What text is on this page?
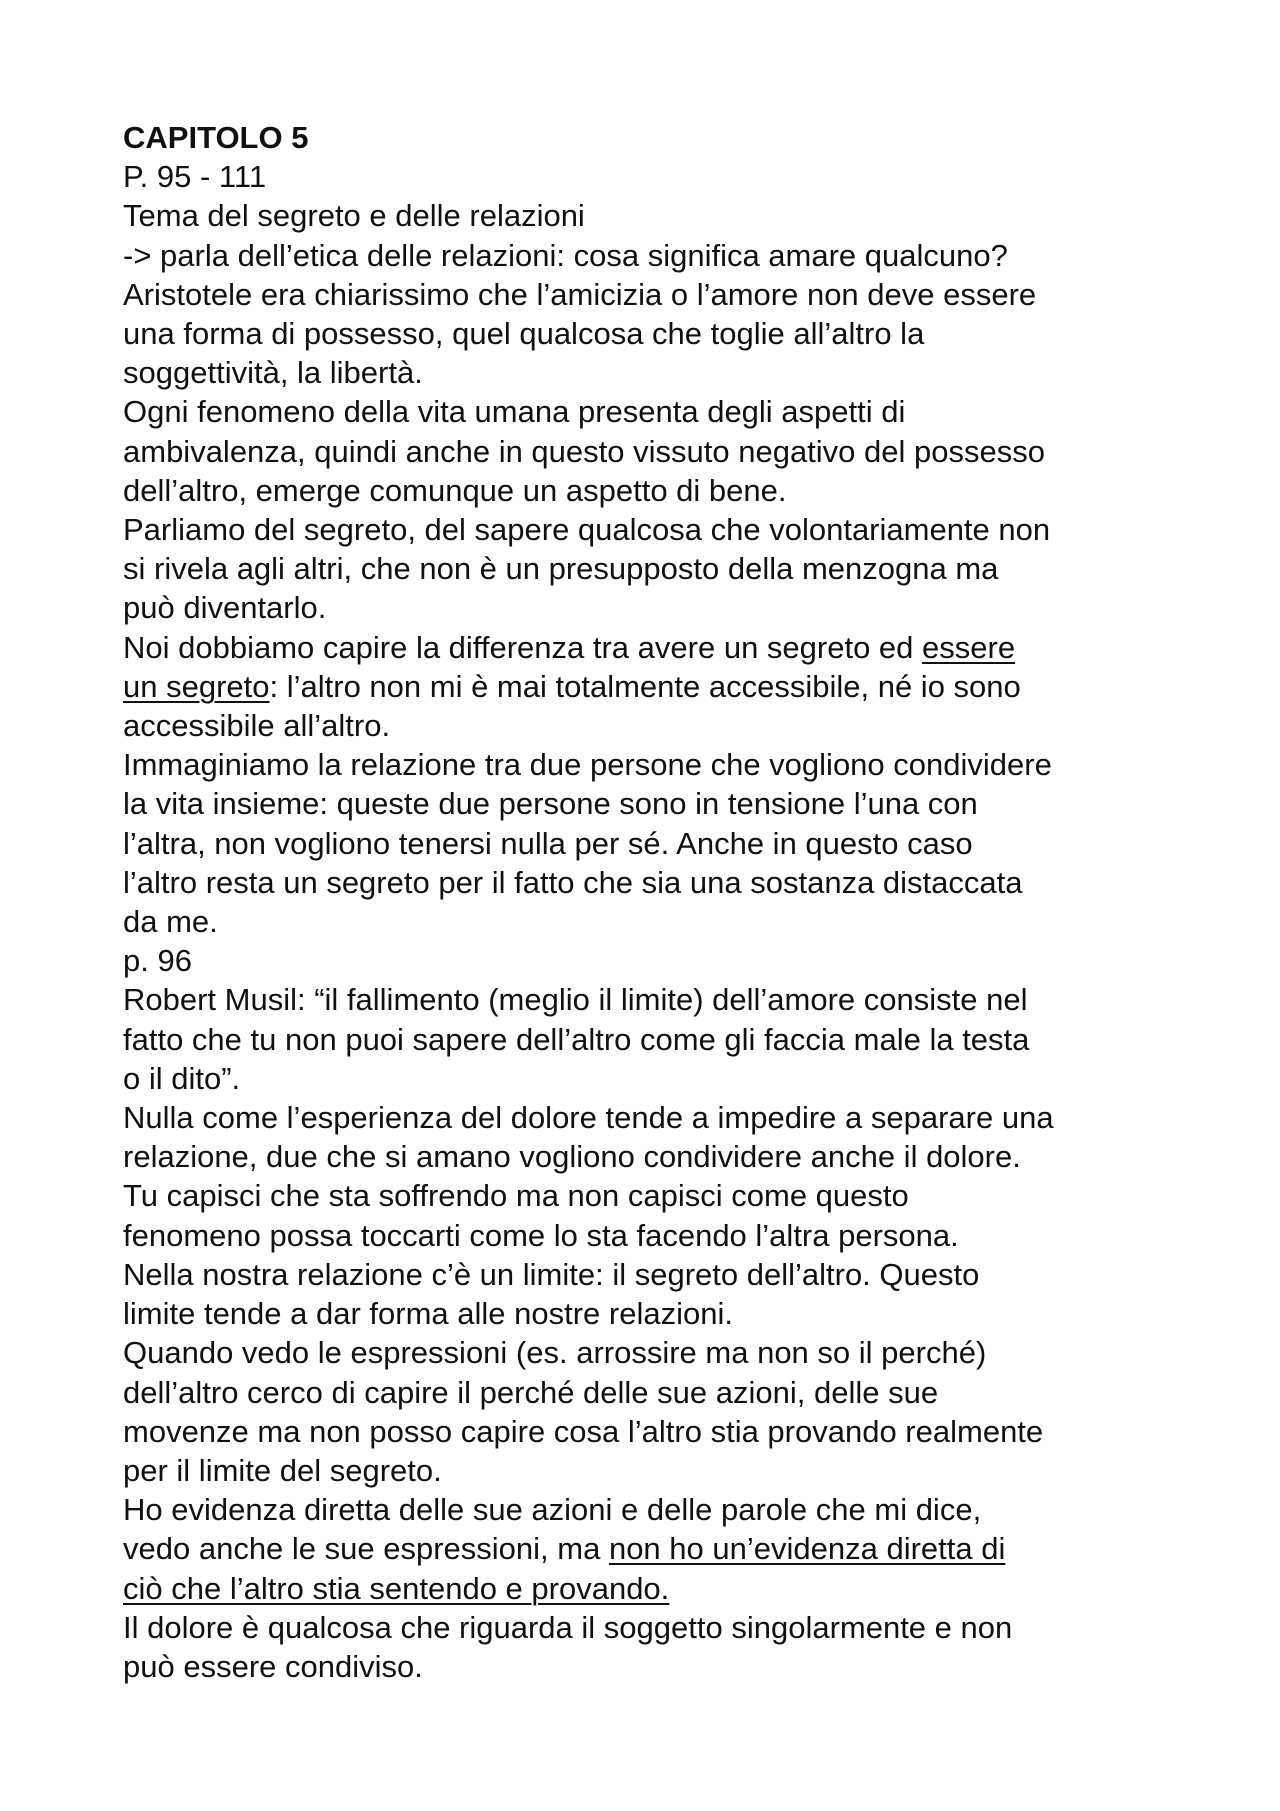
CAPITOLO 5
P. 95 - 111
Tema del segreto e delle relazioni
-> parla dell’etica delle relazioni: cosa significa amare qualcuno?
Aristotele era chiarissimo che l’amicizia o l’amore non deve essere
una forma di possesso, quel qualcosa che toglie all’altro la
soggettività, la libertà.
Ogni fenomeno della vita umana presenta degli aspetti di
ambivalenza, quindi anche in questo vissuto negativo del possesso
dell’altro, emerge comunque un aspetto di bene.
Parliamo del segreto, del sapere qualcosa che volontariamente non
si rivela agli altri, che non è un presupposto della menzogna ma
può diventarlo.
Noi dobbiamo capire la differenza tra avere un segreto ed essere
un segreto: l’altro non mi è mai totalmente accessibile, né io sono
accessibile all’altro.
Immaginiamo la relazione tra due persone che vogliono condividere
la vita insieme: queste due persone sono in tensione l’una con
l’altra, non vogliono tenersi nulla per sé. Anche in questo caso
l’altro resta un segreto per il fatto che sia una sostanza distaccata
da me.
p. 96
Robert Musil: “il fallimento (meglio il limite) dell’amore consiste nel
fatto che tu non puoi sapere dell’altro come gli faccia male la testa
o il dito”.
Nulla come l’esperienza del dolore tende a impedire a separare una
relazione, due che si amano vogliono condividere anche il dolore.
Tu capisci che sta soffrendo ma non capisci come questo
fenomeno possa toccarti come lo sta facendo l’altra persona.
Nella nostra relazione c’è un limite: il segreto dell’altro. Questo
limite tende a dar forma alle nostre relazioni.
Quando vedo le espressioni (es. arrossire ma non so il perché)
dell’altro cerco di capire il perché delle sue azioni, delle sue
movenze ma non posso capire cosa l’altro stia provando realmente
per il limite del segreto.
Ho evidenza diretta delle sue azioni e delle parole che mi dice,
vedo anche le sue espressioni, ma non ho un’evidenza diretta di
ciò che l’altro stia sentendo e provando.
Il dolore è qualcosa che riguarda il soggetto singolarmente e non
può essere condiviso.
